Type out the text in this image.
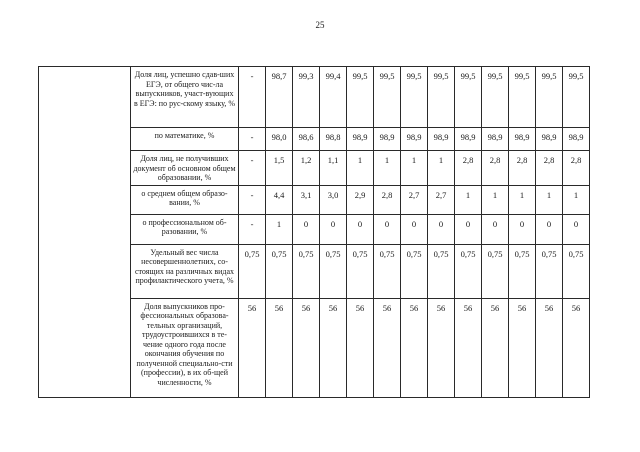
25
	Доля лиц, успешно сдав-ших ЕГЭ, от общего чис-ла выпускников, участ-вующих в ЕГЭ: по рус-скому языку, %	-	98,7	99,3	99,4	99,5	99,5	99,5	99,5	99,5	99,5	99,5	99,5	99,5
	по математике, %	-	98,0	98,6	98,8	98,9	98,9	98,9	98,9	98,9	98,9	98,9	98,9	98,9
	Доля лиц, не получивших документ об основном общем образовании, %	-	1,5	1,2	1,1	1	1	1	1	2,8	2,8	2,8	2,8	2,8
	о среднем общем образо-вании, %	-	4,4	3,1	3,0	2,9	2,8	2,7	2,7	1	1	1	1	1
	о профессиональном об-разовании, %	-	1	0	0	0	0	0	0	0	0	0	0	0
	Удельный вес числа несовершеннолетних, со-стоящих на различных видах профилактического учета, %	0,75	0,75	0,75	0,75	0,75	0,75	0,75	0,75	0,75	0,75	0,75	0,75	0,75
	Доля выпускников про-фессиональных образова-тельных организаций, трудоустроившихся в те-чение одного года после окончания обучения по полученной специально-сти (профессии), в их об-щей численности, %	56	56	56	56	56	56	56	56	56	56	56	56	56
